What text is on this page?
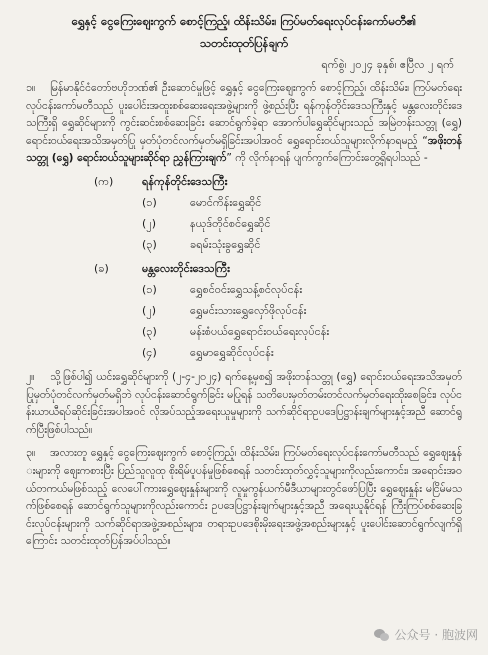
ရွှေနှင့် ငွေကြေးဈေးကွက် စောင့်ကြည့်၊ ထိန်းသိမ်း၊ ကြပ်မတ်ရေးလုပ်ငန်းကော်မတီ၏
သတင်းထုတ်ပြန်ချက်
ရက်စွဲ၊ ၂၀၂၄ ခုနှစ်၊ ဧပြီလ ၂ ရက်

၁။ မြန်မာနိုင်ငံတော်ဗဟိုဘဏ်၏ ဦးဆောင်မှုဖြင့် ရွှေနှင့် ငွေကြေးဈေးကွက် စောင့်ကြည့်၊ ထိန်းသိမ်း၊ ကြပ်မတ်ရေးလုပ်ငန်းကော်မတီသည် ပူးပေါင်းအထူးစစ်ဆေးရေးအဖွဲ့များကို ဖွဲ့စည်းပြီး ရန်ကုန်တိုင်းဒေသကြီးနှင့် မန္တလေးတိုင်းဒေသကြီးရှိ ရွှေဆိုင်များကို ကွင်းဆင်းစစ်ဆေးခြင်း ဆောင်ရွက်ခဲ့ရာ အောက်ပါရွှေဆိုင်များသည် အမြဲတန်းသတ္တု (ရွှေ) ရောင်းဝယ်ရေးအသိအမှတ်ပြု မှတ်ပုံတင်လက်မှတ်မရှိခြင်းအပါအဝင် ရွှေရောင်းဝယ်သူများလိုက်နာရမည့် “အဖိုးတန်သတ္တု (ရွှေ) ရောင်းဝယ်သူများဆိုင်ရာ ညွှန်ကြားချက်” ကို လိုက်နာရန် ပျက်ကွက်ကြောင်းတွေ့ရှိရပါသည် -

(က)	ရန်ကုန်တိုင်းဒေသကြီး
(၁)	မောင်ကိန်းရွှေဆိုင်
(၂)	နယုဒ်တိုင်စင်ရွှေဆိုင်
(၃)	ခရမ်းသုံးခွရွှေဆိုင်
(ခ)	မန္တလေးတိုင်းဒေသကြီး
(၁)	ရွှေစင်ဝင်းရွှေသန့်စင်လုပ်ငန်း
(၂)	ရွှေမင်းသားရွှေလှော်ဖိုလုပ်ငန်း
(၃)	မန်းစံပယ်ရွှေရောင်းဝယ်ရေးလုပ်ငန်း
(၄)	ရွှေမာရွှေဆိုင်လုပ်ငန်း

၂။ သို့ဖြစ်ပါ၍ ယင်းရွှေဆိုင်များကို (၂-၄-၂၀၂၄) ရက်နေ့မှစ၍ အဖိုးတန်သတ္တု (ရွှေ) ရောင်းဝယ်ရေးအသိအမှတ်ပြုမှတ်ပုံတင်လက်မှတ်မရှိဘဲ လုပ်ငန်းဆောင်ရွက်ခြင်း မပြုရန် သတိပေးမှတ်တမ်းတင်လက်မှတ်ရေးထိုးစေခြင်း၊ လုပ်ငန်းယာယီရပ်ဆိုင်းခြင်းအပါအဝင် လိုအပ်သည့်အရေးယူမှုများကို သက်ဆိုင်ရာဥပဒေပြဋ္ဌာန်းချက်များနှင့်အညီ ဆောင်ရွက်ပြီးဖြစ်ပါသည်။

၃။ အလားတူ ရွှေနှင့် ငွေကြေးဈေးကွက် စောင့်ကြည့်၊ ထိန်းသိမ်း၊ ကြပ်မတ်ရေးလုပ်ငန်းကော်မတီသည် ရွှေဈေးနှုန်းများကို ဈေးကစားပြီး ပြည်သူလူထု စိုးရိမ်ပူပန်မှုဖြစ်စေရန် သတင်းထုတ်လွှင့်သူများကိုလည်းကောင်း၊ အရောင်းအဝယ်တကယ်မဖြစ်သည့် လေပေါ်ကားရွှေဈေးနှုန်းများကို လူမှုကွန်ယက်မီဒီယာများတွင်ဖော်ပြပြီး ရွှေဈေးနှုန်း မငြိမ်မသက်ဖြစ်စေရန် ဆောင်ရွက်သူများကိုလည်းကောင်း ဥပဒေပြဋ္ဌာန်းချက်များနှင့်အညီ အရေးယူနိုင်ရန် ကြီးကြပ်စစ်ဆေးခြင်းလုပ်ငန်းများကို သက်ဆိုင်ရာအဖွဲ့အစည်းများ၊ တရားဥပဒေစိုးမိုးရေးအဖွဲ့အစည်းများနှင့် ပူးပေါင်းဆောင်ရွက်လျက်ရှိကြောင်း သတင်းထုတ်ပြန်အပ်ပါသည်။

公众号 · 胞波网
